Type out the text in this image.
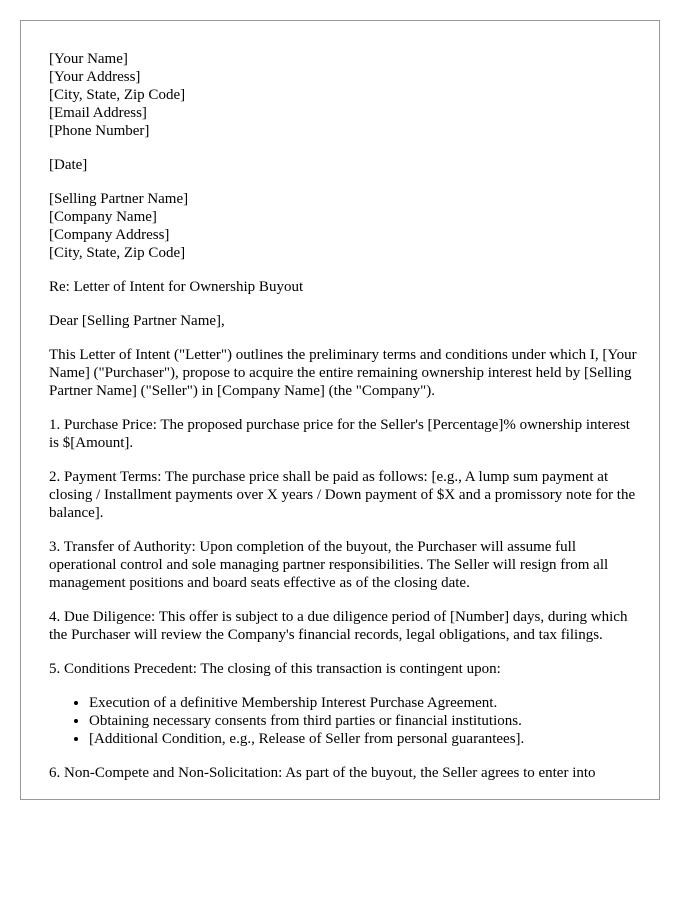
[Your Name]
[Your Address]
[City, State, Zip Code]
[Email Address]
[Phone Number]
[Date]
[Selling Partner Name]
[Company Name]
[Company Address]
[City, State, Zip Code]

Re: Letter of Intent for Ownership Buyout

Dear [Selling Partner Name],

This Letter of Intent ("Letter") outlines the preliminary terms and conditions under which I, [Your Name] ("Purchaser"), propose to acquire the entire remaining ownership interest held by [Selling Partner Name] ("Seller") in [Company Name] (the "Company").

1. Purchase Price: The proposed purchase price for the Seller's [Percentage]% ownership interest is $[Amount].

2. Payment Terms: The purchase price shall be paid as follows: [e.g., A lump sum payment at closing / Installment payments over X years / Down payment of $X and a promissory note for the balance].

3. Transfer of Authority: Upon completion of the buyout, the Purchaser will assume full operational control and sole managing partner responsibilities. The Seller will resign from all management positions and board seats effective as of the closing date.

4. Due Diligence: This offer is subject to a due diligence period of [Number] days, during which the Purchaser will review the Company's financial records, legal obligations, and tax filings.

5. Conditions Precedent: The closing of this transaction is contingent upon:

• Execution of a definitive Membership Interest Purchase Agreement.
• Obtaining necessary consents from third parties or financial institutions.
• [Additional Condition, e.g., Release of Seller from personal guarantees].

6. Non-Compete and Non-Solicitation: As part of the buyout, the Seller agrees to enter into
